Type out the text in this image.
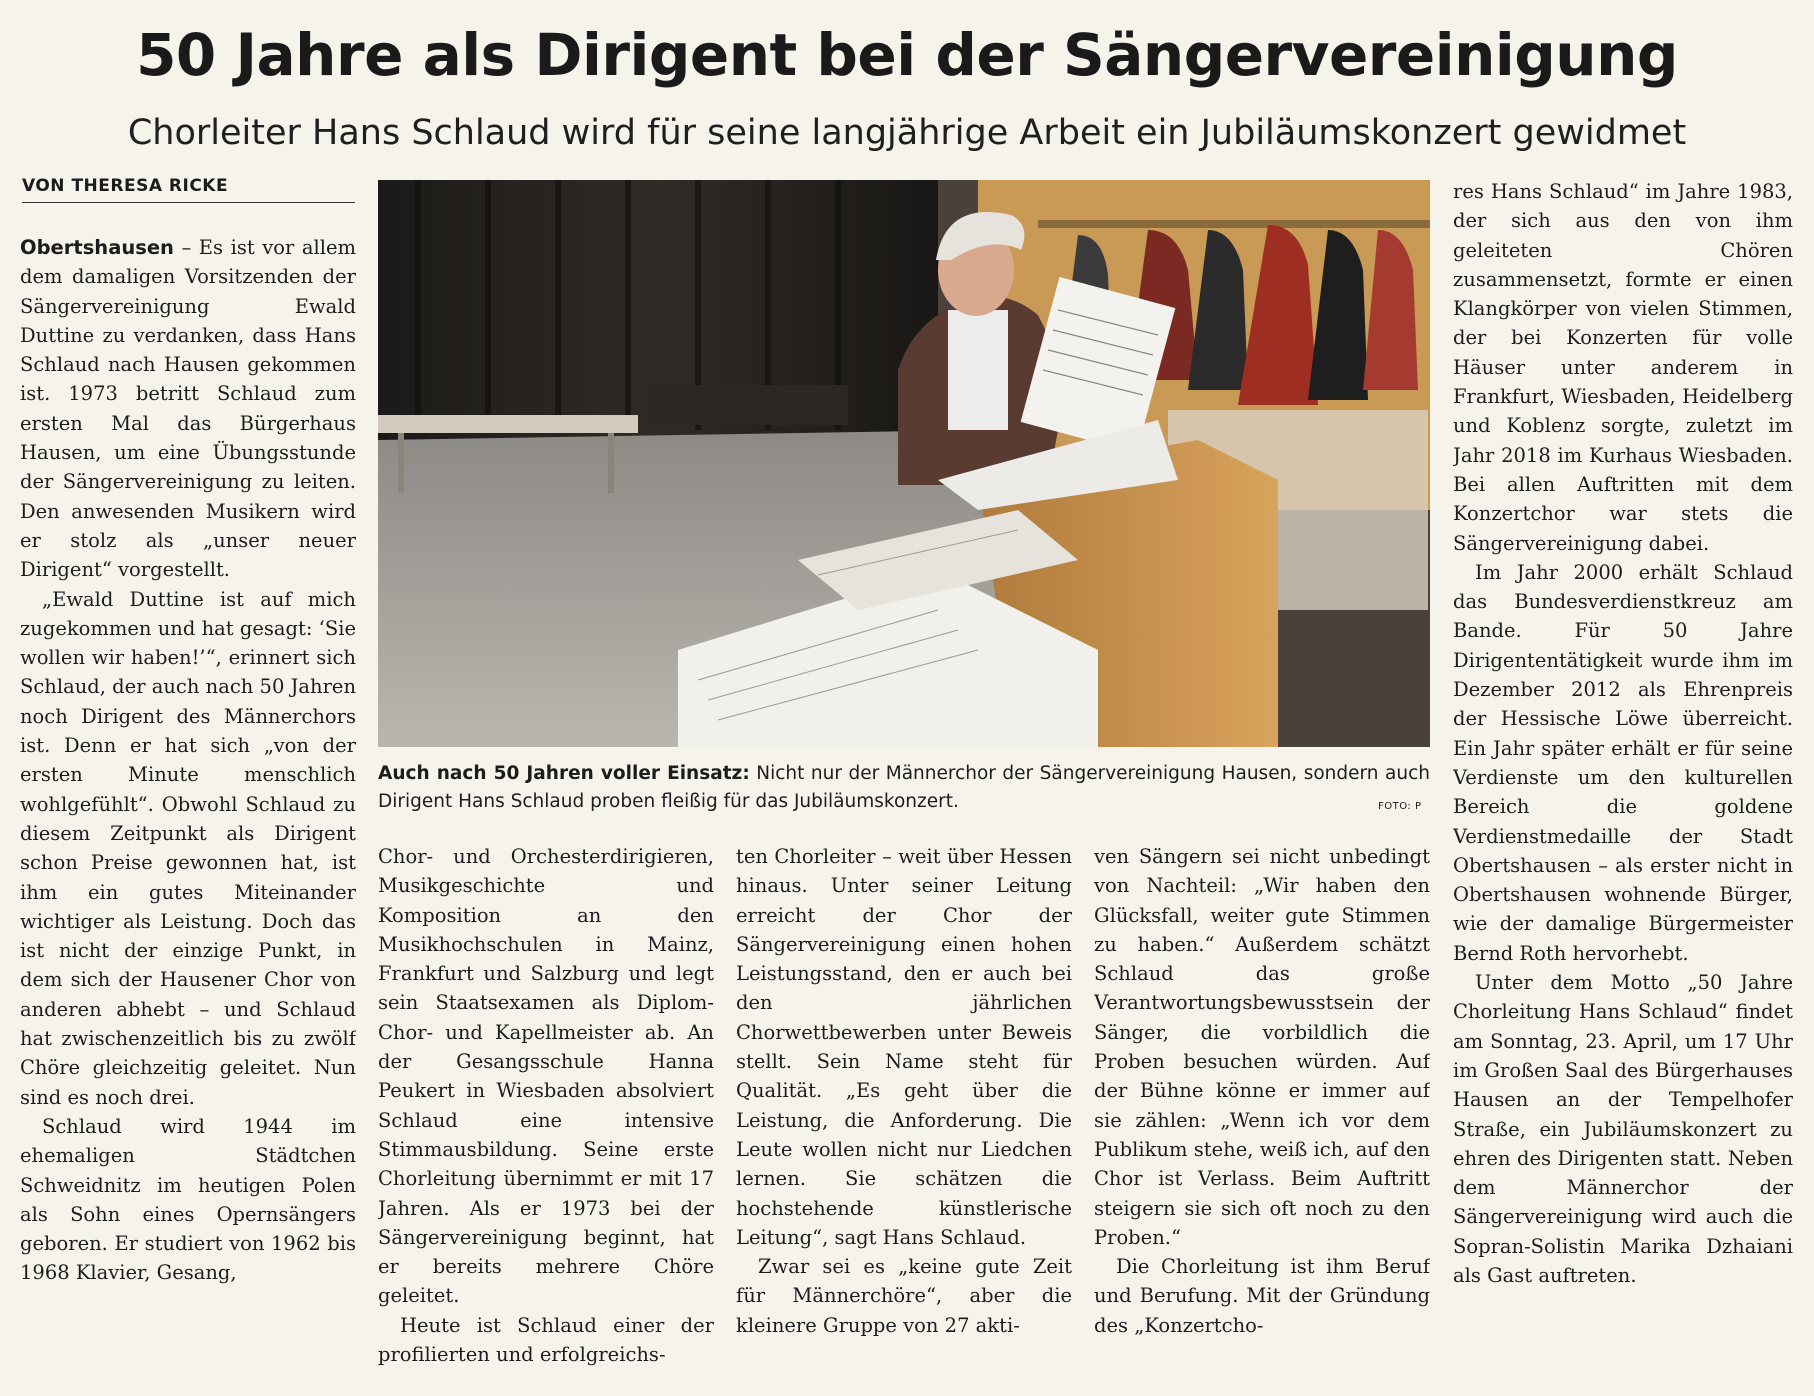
50 Jahre als Dirigent bei der Sängervereinigung
Chorleiter Hans Schlaud wird für seine langjährige Arbeit ein Jubiläumskonzert gewidmet
VON THERESA RICKE

Obertshausen – Es ist vor allem dem damaligen Vorsitzenden der Sängervereinigung Ewald Duttine zu verdanken, dass Hans Schlaud nach Hausen gekommen ist. 1973 betritt Schlaud zum ersten Mal das Bürgerhaus Hausen, um eine Übungsstunde der Sängervereinigung zu leiten. Den anwesenden Musikern wird er stolz als „unser neuer Dirigent“ vorgestellt.

„Ewald Duttine ist auf mich zugekommen und hat gesagt: ‘Sie wollen wir haben!’“, erinnert sich Schlaud, der auch nach 50 Jahren noch Dirigent des Männerchors ist. Denn er hat sich „von der ersten Minute menschlich wohlgefühlt“. Obwohl Schlaud zu diesem Zeitpunkt als Dirigent schon Preise gewonnen hat, ist ihm ein gutes Miteinander wichtiger als Leistung. Doch das ist nicht der einzige Punkt, in dem sich der Hausener Chor von anderen abhebt – und Schlaud hat zwischenzeitlich bis zu zwölf Chöre gleichzeitig geleitet. Nun sind es noch drei.

Schlaud wird 1944 im ehemaligen Städtchen Schweidnitz im heutigen Polen als Sohn eines Opernsängers geboren. Er studiert von 1962 bis 1968 Klavier, Gesang,

Auch nach 50 Jahren voller Einsatz: Nicht nur der Männerchor der Sängervereinigung Hausen, sondern auch Dirigent Hans Schlaud proben fleißig für das Jubiläumskonzert.	FOTO: P

Chor- und Orchesterdirigieren, Musikgeschichte und Komposition an den Musikhochschulen in Mainz, Frankfurt und Salzburg und legt sein Staatsexamen als Diplom-Chor- und Kapellmeister ab. An der Gesangsschule Hanna Peukert in Wiesbaden absolviert Schlaud eine intensive Stimmausbildung. Seine erste Chorleitung übernimmt er mit 17 Jahren. Als er 1973 bei der Sängervereinigung beginnt, hat er bereits mehrere Chöre geleitet.

Heute ist Schlaud einer der profilierten und erfolgreichs-

ten Chorleiter – weit über Hessen hinaus. Unter seiner Leitung erreicht der Chor der Sängervereinigung einen hohen Leistungsstand, den er auch bei den jährlichen Chorwettbewerben unter Beweis stellt. Sein Name steht für Qualität. „Es geht über die Leistung, die Anforderung. Die Leute wollen nicht nur Liedchen lernen. Sie schätzen die hochstehende künstlerische Leitung“, sagt Hans Schlaud.

Zwar sei es „keine gute Zeit für Männerchöre“, aber die kleinere Gruppe von 27 akti-

ven Sängern sei nicht unbedingt von Nachteil: „Wir haben den Glücksfall, weiter gute Stimmen zu haben.“ Außerdem schätzt Schlaud das große Verantwortungsbewusstsein der Sänger, die vorbildlich die Proben besuchen würden. Auf der Bühne könne er immer auf sie zählen: „Wenn ich vor dem Publikum stehe, weiß ich, auf den Chor ist Verlass. Beim Auftritt steigern sie sich oft noch zu den Proben.“

Die Chorleitung ist ihm Beruf und Berufung. Mit der Gründung des „Konzertcho-

res Hans Schlaud“ im Jahre 1983, der sich aus den von ihm geleiteten Chören zusammensetzt, formte er einen Klangkörper von vielen Stimmen, der bei Konzerten für volle Häuser unter anderem in Frankfurt, Wiesbaden, Heidelberg und Koblenz sorgte, zuletzt im Jahr 2018 im Kurhaus Wiesbaden. Bei allen Auftritten mit dem Konzertchor war stets die Sängervereinigung dabei.

Im Jahr 2000 erhält Schlaud das Bundesverdienstkreuz am Bande. Für 50 Jahre Dirigententätigkeit wurde ihm im Dezember 2012 als Ehrenpreis der Hessische Löwe überreicht. Ein Jahr später erhält er für seine Verdienste um den kulturellen Bereich die goldene Verdienstmedaille der Stadt Obertshausen – als erster nicht in Obertshausen wohnende Bürger, wie der damalige Bürgermeister Bernd Roth hervorhebt.

Unter dem Motto „50 Jahre Chorleitung Hans Schlaud“ findet am Sonntag, 23. April, um 17 Uhr im Großen Saal des Bürgerhauses Hausen an der Tempelhofer Straße, ein Jubiläumskonzert zu ehren des Dirigenten statt. Neben dem Männerchor der Sängervereinigung wird auch die Sopran-Solistin Marika Dzhaiani als Gast auftreten.
